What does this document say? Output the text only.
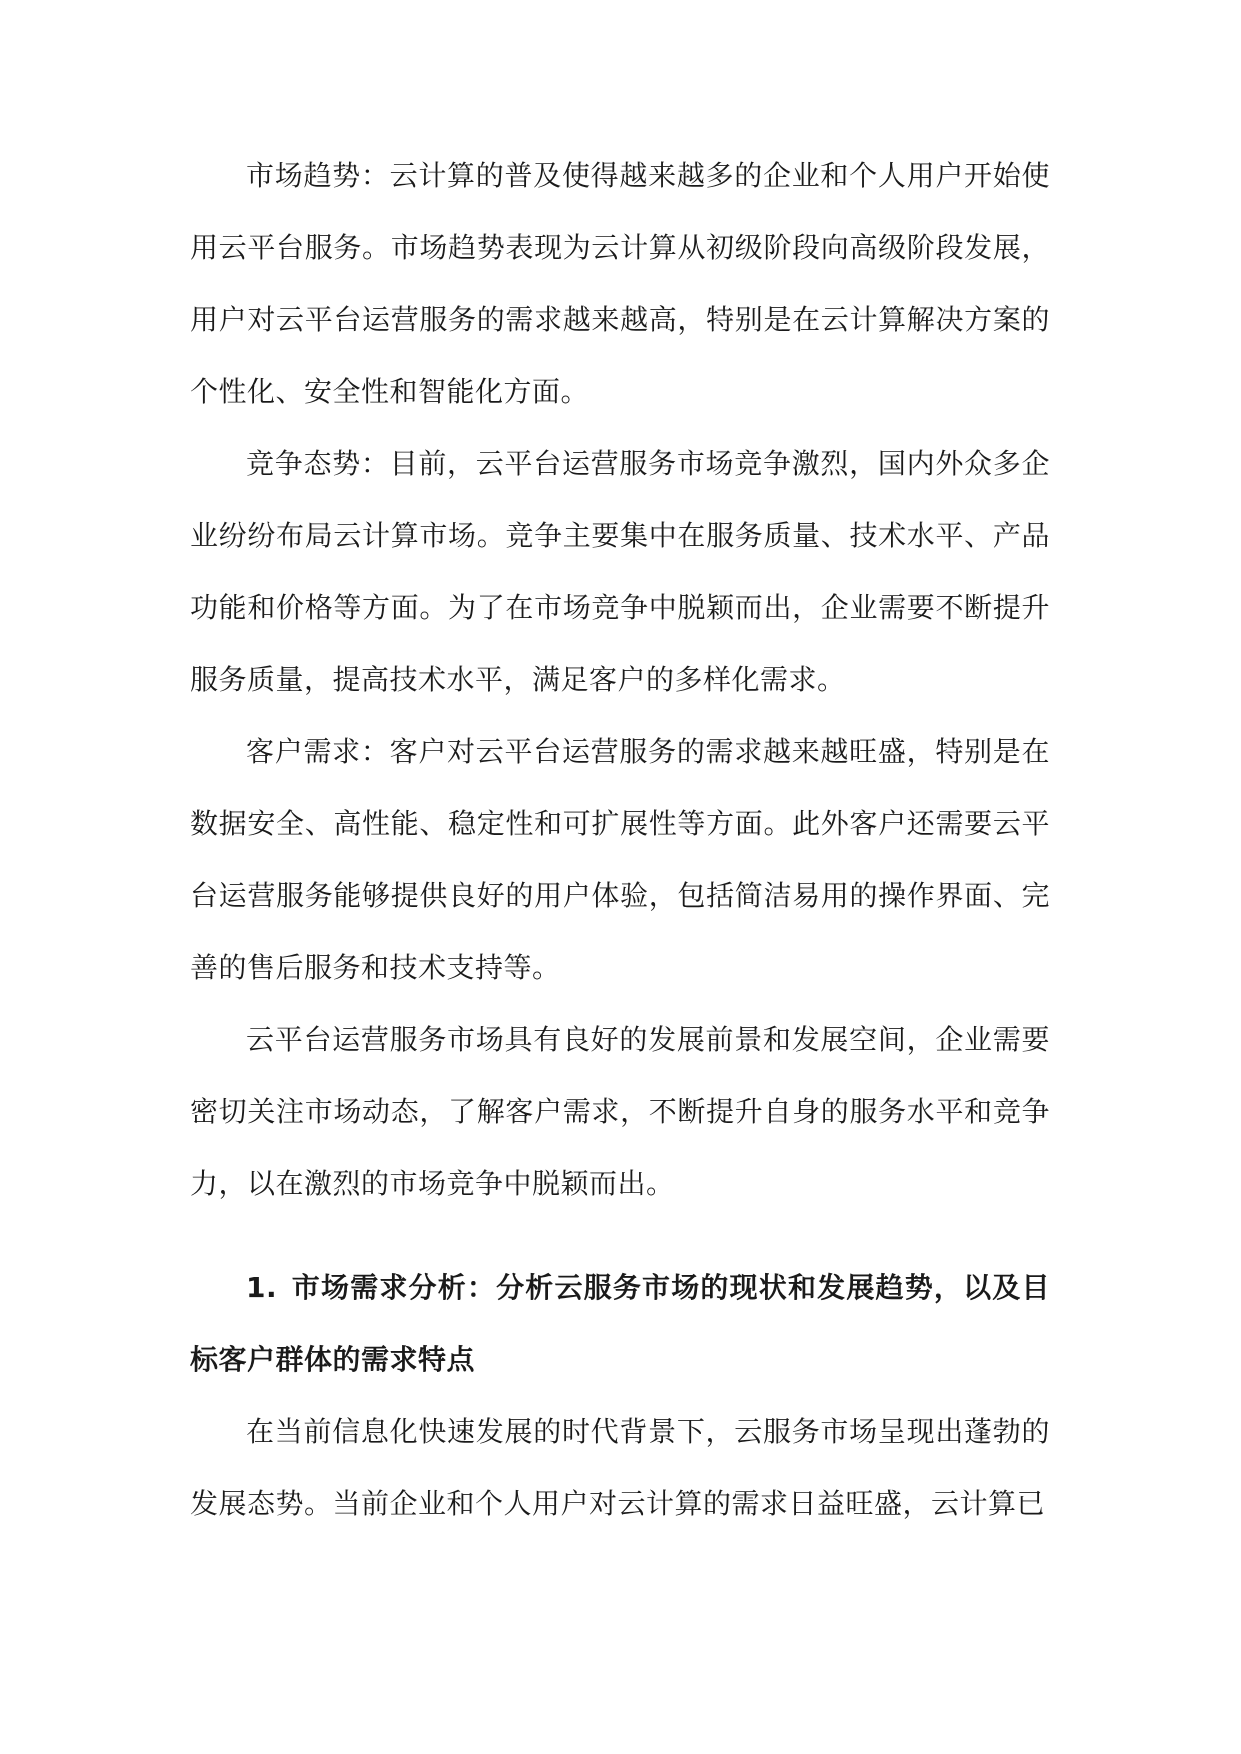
市场趋势：云计算的普及使得越来越多的企业和个人用户开始使用云平台服务。市场趋势表现为云计算从初级阶段向高级阶段发展，用户对云平台运营服务的需求越来越高，特别是在云计算解决方案的个性化、安全性和智能化方面。

竞争态势：目前，云平台运营服务市场竞争激烈，国内外众多企业纷纷布局云计算市场。竞争主要集中在服务质量、技术水平、产品功能和价格等方面。为了在市场竞争中脱颖而出，企业需要不断提升服务质量，提高技术水平，满足客户的多样化需求。

客户需求：客户对云平台运营服务的需求越来越旺盛，特别是在数据安全、高性能、稳定性和可扩展性等方面。此外客户还需要云平台运营服务能够提供良好的用户体验，包括简洁易用的操作界面、完善的售后服务和技术支持等。

云平台运营服务市场具有良好的发展前景和发展空间，企业需要密切关注市场动态，了解客户需求，不断提升自身的服务水平和竞争力，以在激烈的市场竞争中脱颖而出。

1. 市场需求分析：分析云服务市场的现状和发展趋势，以及目标客户群体的需求特点

在当前信息化快速发展的时代背景下，云服务市场呈现出蓬勃的发展态势。当前企业和个人用户对云计算的需求日益旺盛，云计算已
